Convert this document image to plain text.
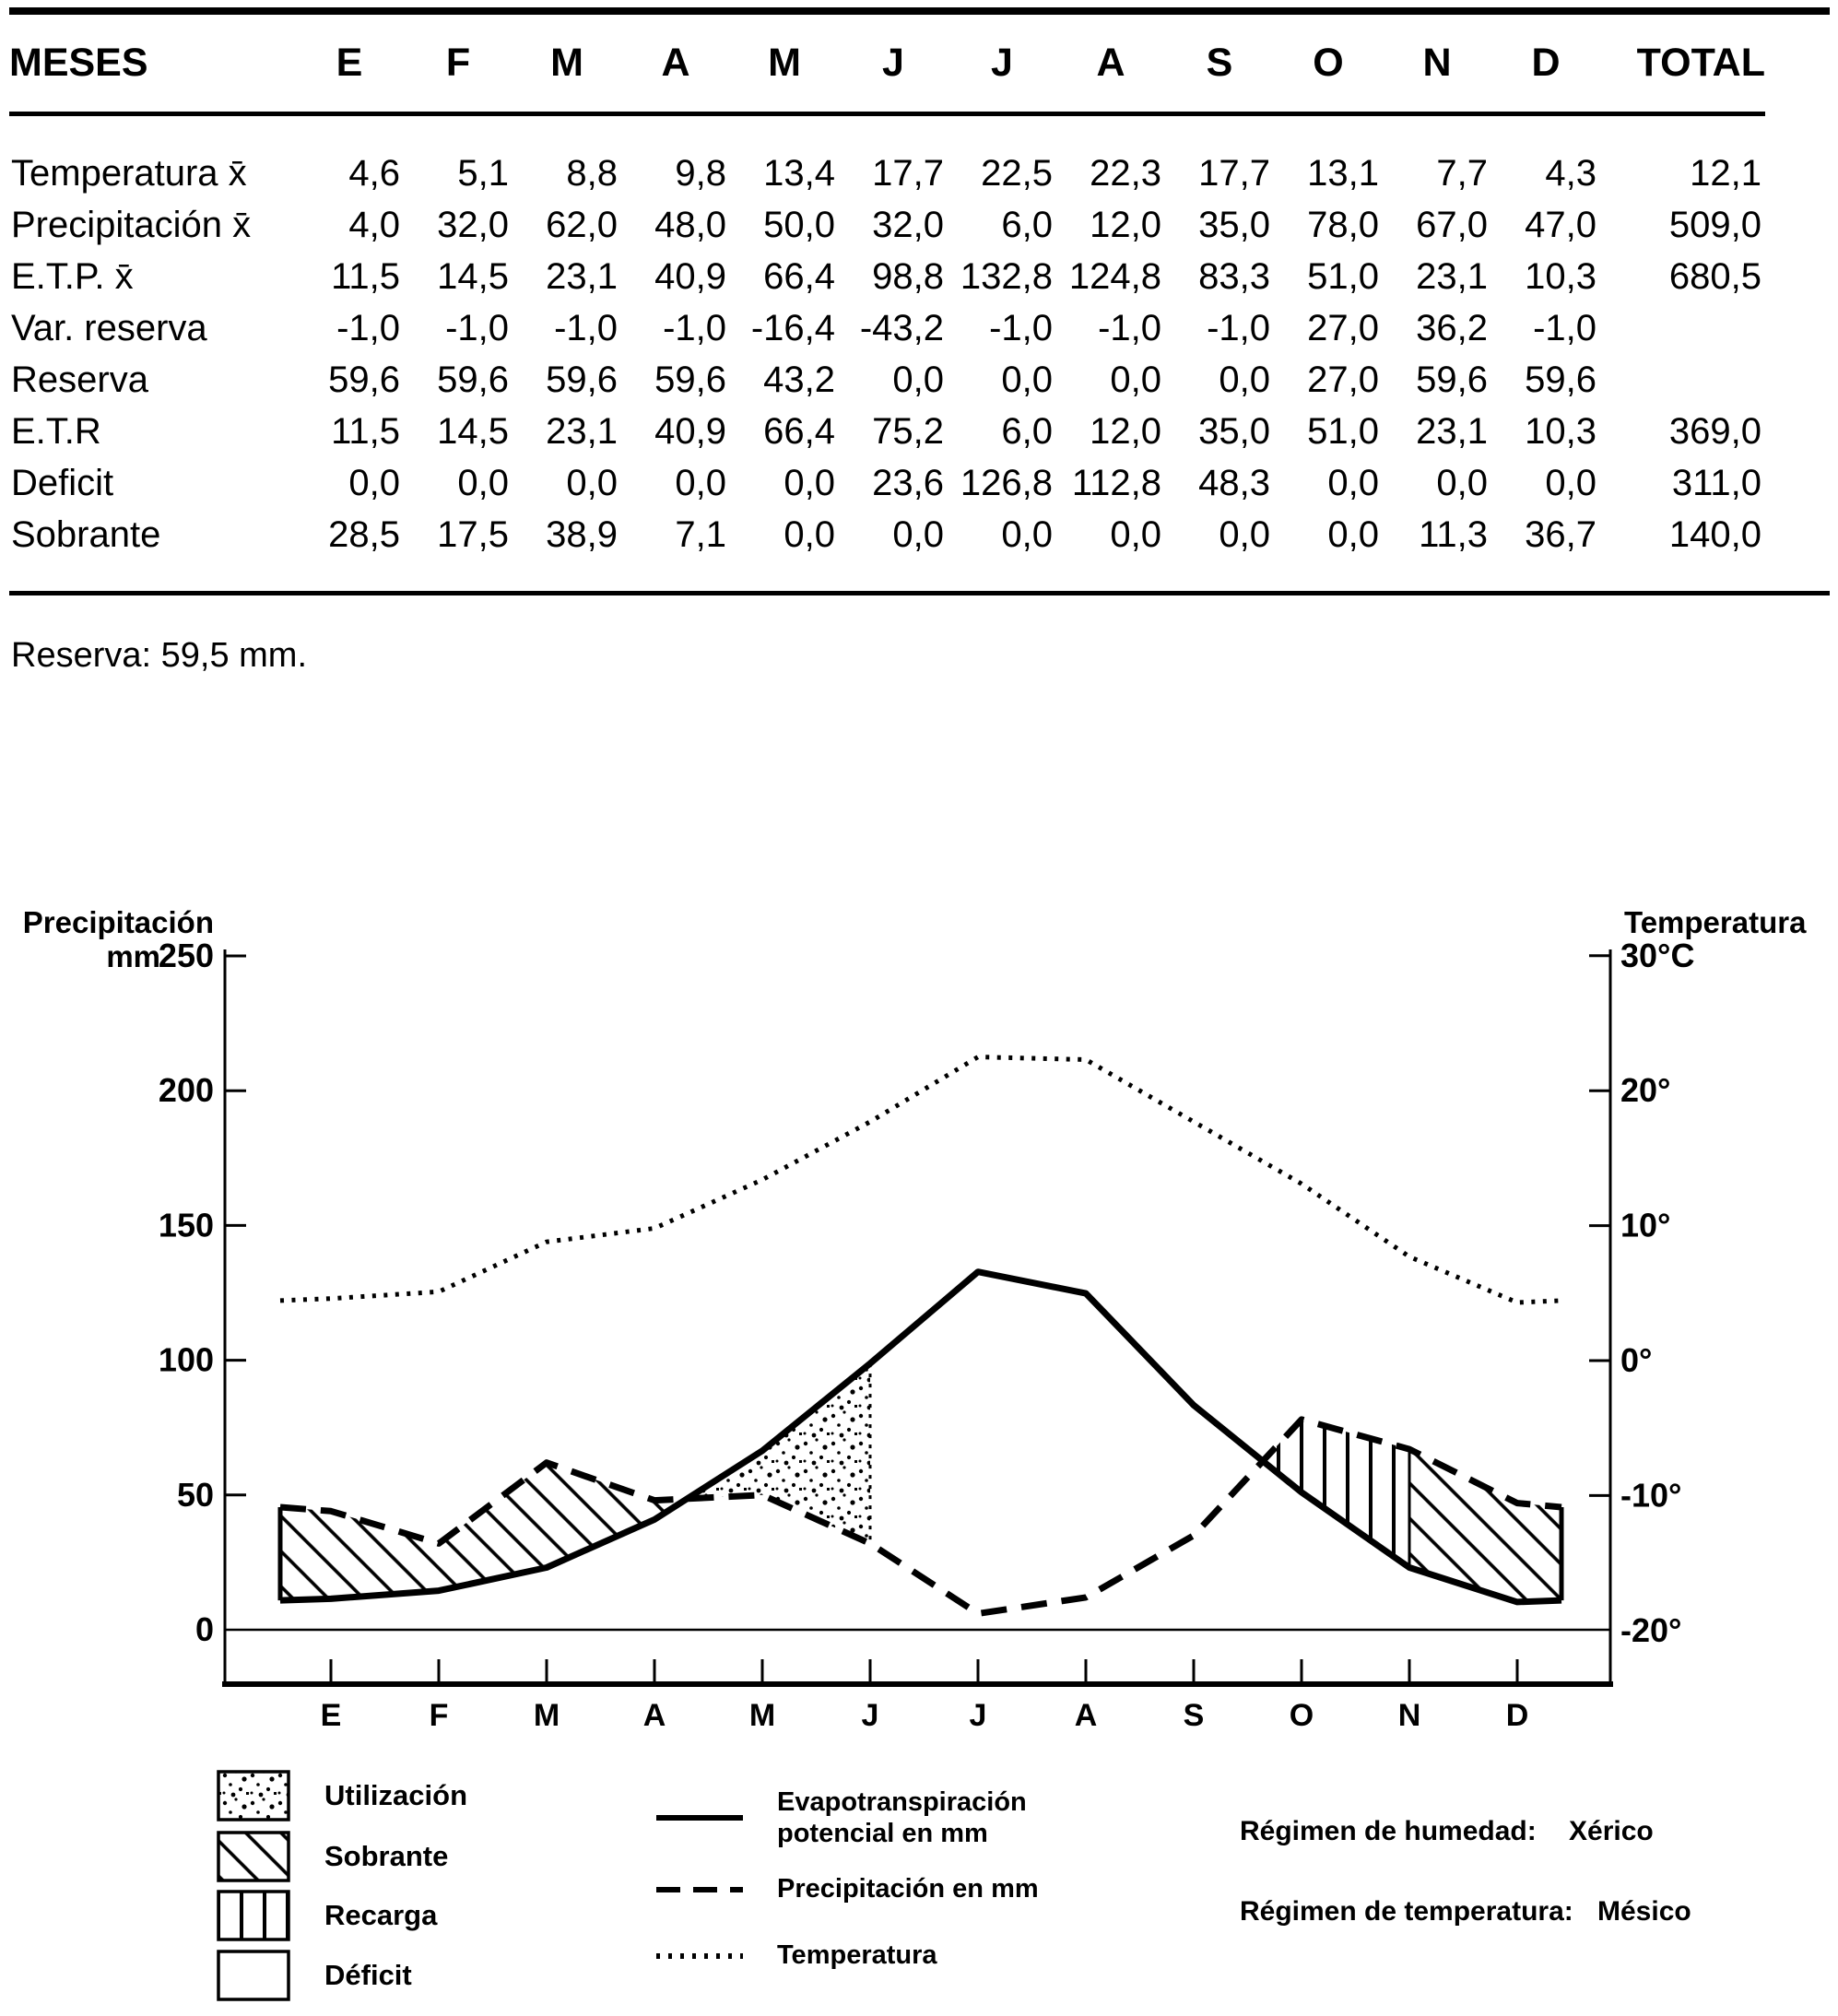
MESES	E	F	M	A	M	J	J	A	S	O	N	D	TOTAL
Temperatura x̄	4,6	5,1	8,8	9,8	13,4	17,7	22,5	22,3	17,7	13,1	7,7	4,3	12,1
Precipitación x̄	4,0	32,0	62,0	48,0	50,0	32,0	6,0	12,0	35,0	78,0	67,0	47,0	509,0
E.T.P. x̄	11,5	14,5	23,1	40,9	66,4	98,8	132,8	124,8	83,3	51,0	23,1	10,3	680,5
Var. reserva	-1,0	-1,0	-1,0	-1,0	-16,4	-43,2	-1,0	-1,0	-1,0	27,0	36,2	-1,0	
Reserva	59,6	59,6	59,6	59,6	43,2	0,0	0,0	0,0	0,0	27,0	59,6	59,6	
E.T.R	11,5	14,5	23,1	40,9	66,4	75,2	6,0	12,0	35,0	51,0	23,1	10,3	369,0
Deficit	0,0	0,0	0,0	0,0	0,0	23,6	126,8	112,8	48,3	0,0	0,0	0,0	311,0
Sobrante	28,5	17,5	38,9	7,1	0,0	0,0	0,0	0,0	0,0	0,0	11,3	36,7	140,0
Reserva: 59,5 mm.
Precipitación
mm
Temperatura
250
200
150
100
50
0
30°C
20°
10°
0°
-10°
-20°
E	F	M	A	M	J	J	A	S	O	N	D
Utilización
Sobrante
Recarga
Déficit
Evapotranspiración
potencial en mm
Precipitación en mm
Temperatura
Régimen de humedad: Xérico
Régimen de temperatura: Mésico
